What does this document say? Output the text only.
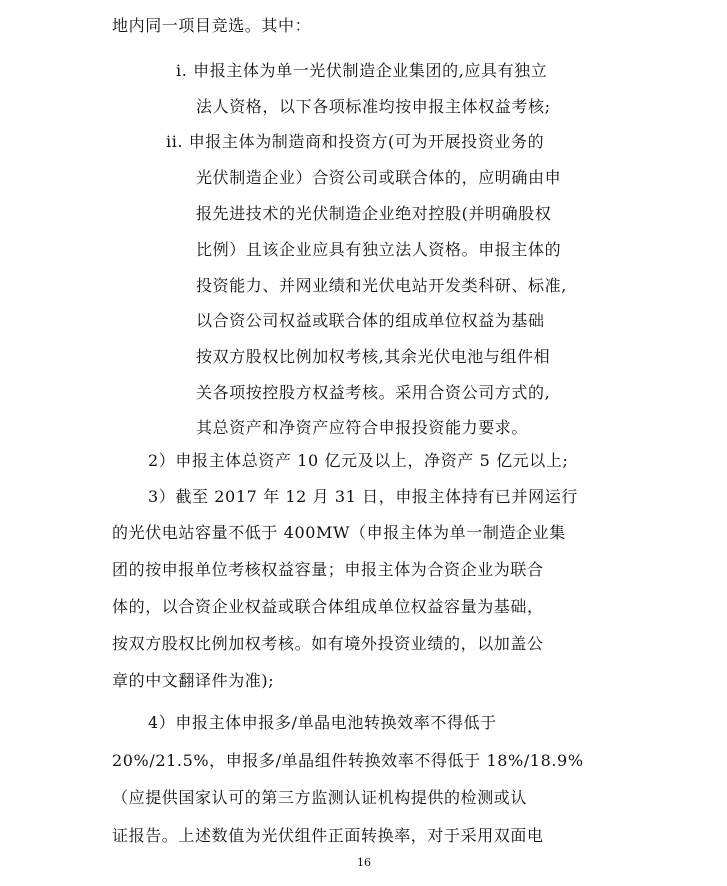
地内同一项目竞选。其中：
i. 申报主体为单一光伏制造企业集团的,应具有独立
法人资格，以下各项标准均按申报主体权益考核;
ii. 申报主体为制造商和投资方(可为开展投资业务的
光伏制造企业）合资公司或联合体的，应明确由申
报先进技术的光伏制造企业绝对控股(并明确股权
比例）且该企业应具有独立法人资格。申报主体的
投资能力、并网业绩和光伏电站开发类科研、标准,
以合资公司权益或联合体的组成单位权益为基础
按双方股权比例加权考核,其余光伏电池与组件相
关各项按控股方权益考核。采用合资公司方式的,
其总资产和净资产应符合申报投资能力要求。
2）申报主体总资产 10 亿元及以上，净资产 5 亿元以上;
3）截至 2017 年 12 月 31 日，申报主体持有已并网运行
的光伏电站容量不低于 400MW（申报主体为单一制造企业集
团的按申报单位考核权益容量；申报主体为合资企业为联合
体的，以合资企业权益或联合体组成单位权益容量为基础，
按双方股权比例加权考核。如有境外投资业绩的，以加盖公
章的中文翻译件为准);
4）申报主体申报多/单晶电池转换效率不得低于
20%/21.5%，申报多/单晶组件转换效率不得低于 18%/18.9%
（应提供国家认可的第三方监测认证机构提供的检测或认
证报告。上述数值为光伏组件正面转换率，对于采用双面电
16
